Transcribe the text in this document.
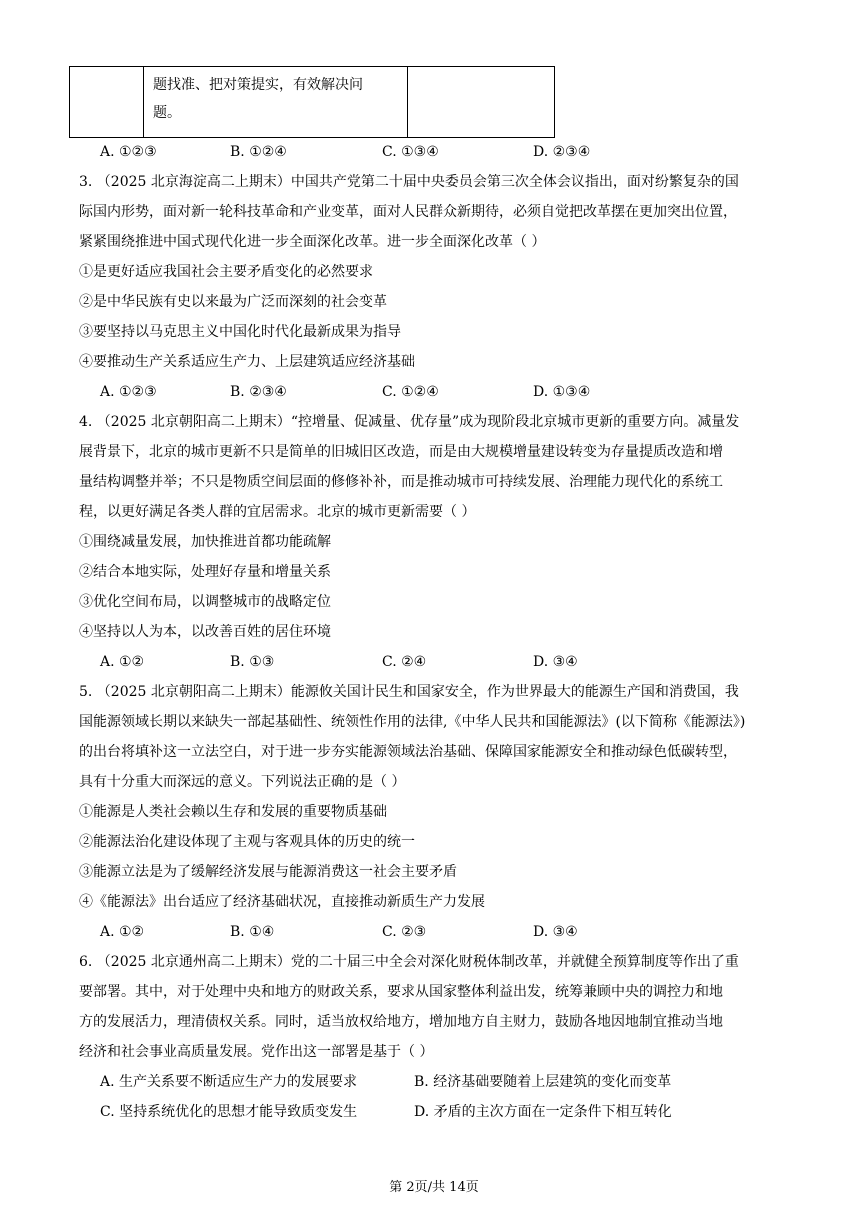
题找准、把对策提实，有效解决问
题。

A. ①②③	B. ①②④	C. ①③④	D. ②③④
3. （2025 北京海淀高二上期末）中国共产党第二十届中央委员会第三次全体会议指出，面对纷繁复杂的国
际国内形势，面对新一轮科技革命和产业变革，面对人民群众新期待，必须自觉把改革摆在更加突出位置，
紧紧围绕推进中国式现代化进一步全面深化改革。进一步全面深化改革（ ）
①是更好适应我国社会主要矛盾变化的必然要求
②是中华民族有史以来最为广泛而深刻的社会变革
③要坚持以马克思主义中国化时代化最新成果为指导
④要推动生产关系适应生产力、上层建筑适应经济基础
A. ①②③	B. ②③④	C. ①②④	D. ①③④
4. （2025 北京朝阳高二上期末）“控增量、促减量、优存量”成为现阶段北京城市更新的重要方向。减量发
展背景下，北京的城市更新不只是简单的旧城旧区改造，而是由大规模增量建设转变为存量提质改造和增
量结构调整并举；不只是物质空间层面的修修补补，而是推动城市可持续发展、治理能力现代化的系统工
程，以更好满足各类人群的宜居需求。北京的城市更新需要（ ）
①围绕减量发展，加快推进首都功能疏解
②结合本地实际，处理好存量和增量关系
③优化空间布局，以调整城市的战略定位
④坚持以人为本，以改善百姓的居住环境
A. ①②	B. ①③	C. ②④	D. ③④
5. （2025 北京朝阳高二上期末）能源攸关国计民生和国家安全，作为世界最大的能源生产国和消费国，我
国能源领域长期以来缺失一部起基础性、统领性作用的法律,《中华人民共和国能源法》(以下简称《能源法》)
的出台将填补这一立法空白，对于进一步夯实能源领域法治基础、保障国家能源安全和推动绿色低碳转型，
具有十分重大而深远的意义。下列说法正确的是（ ）
①能源是人类社会赖以生存和发展的重要物质基础
②能源法治化建设体现了主观与客观具体的历史的统一
③能源立法是为了缓解经济发展与能源消费这一社会主要矛盾
④《能源法》出台适应了经济基础状况，直接推动新质生产力发展
A. ①②	B. ①④	C. ②③	D. ③④
6. （2025 北京通州高二上期末）党的二十届三中全会对深化财税体制改革，并就健全预算制度等作出了重
要部署。其中，对于处理中央和地方的财政关系，要求从国家整体利益出发，统筹兼顾中央的调控力和地
方的发展活力，理清债权关系。同时，适当放权给地方，增加地方自主财力，鼓励各地因地制宜推动当地
经济和社会事业高质量发展。党作出这一部署是基于（ ）
A. 生产关系要不断适应生产力的发展要求	B. 经济基础要随着上层建筑的变化而变革
C. 坚持系统优化的思想才能导致质变发生	D. 矛盾的主次方面在一定条件下相互转化
第 2页/共 14页
